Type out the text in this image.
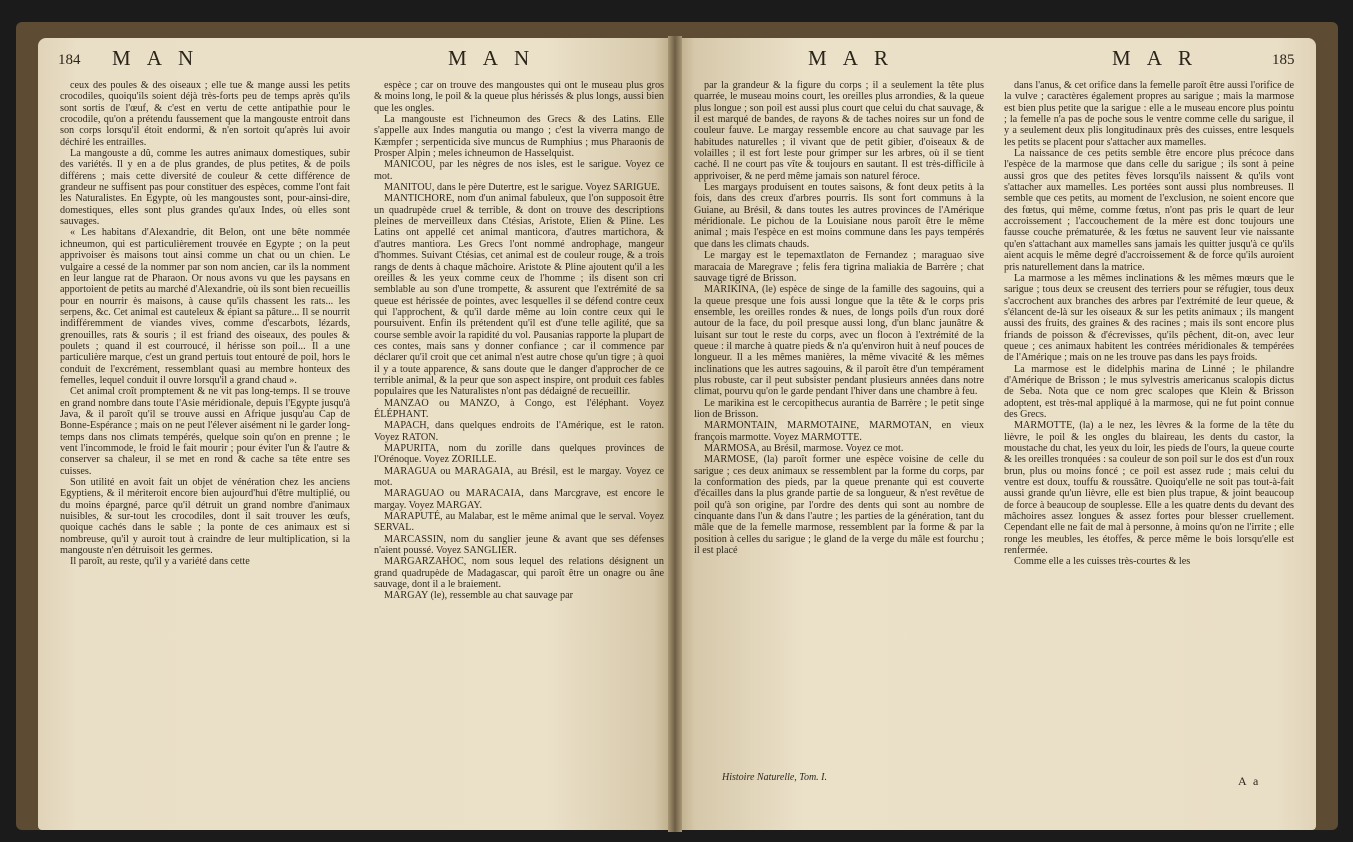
184 M A N	M A N	M A R	M A R	185

ceux des poules & des oiseaux ; elle tue & mange aussi les petits crocodiles, quoiqu'ils soient déjà très-forts peu de temps après qu'ils sont sortis de l'œuf, & c'est en vertu de cette antipathie pour le crocodile, qu'on a prétendu faussement que la mangouste entroit dans son corps lorsqu'il étoit endormi, & n'en sortoit qu'après lui avoir déchiré les entrailles.

La mangouste a dû, comme les autres animaux domestiques, subir des variétés. Il y en a de plus grandes, de plus petites, & de poils différens ; mais cette diversité de couleur & cette différence de grandeur ne suffisent pas pour constituer des espèces, comme l'ont fait les Naturalistes. En Egypte, où les mangoustes sont, pour-ainsi-dire, domestiques, elles sont plus grandes qu'aux Indes, où elles sont sauvages.

« Les habitans d'Alexandrie, dit Belon, ont une bête nommée ichneumon, qui est particulièrement trouvée en Egypte ; on la peut apprivoiser ès maisons tout ainsi comme un chat ou un chien. Le vulgaire a cessé de la nommer par son nom ancien, car ils la nomment en leur langue rat de Pharaon. Or nous avons vu que les paysans en apportoient de petits au marché d'Alexandrie, où ils sont bien recueillis pour en nourrir ès maisons, à cause qu'ils chassent les rats... les serpens, &c. Cet animal est cauteleux & épiant sa pâture... Il se nourrit indifféremment de viandes vives, comme d'escarbots, lézards, grenouilles, rats & souris ; il est friand des oiseaux, des poules & poulets ; quand il est courroucé, il hérisse son poil... Il a une particulière marque, c'est un grand pertuis tout entouré de poil, hors le conduit de l'excrément, ressemblant quasi au membre honteux des femelles, lequel conduit il ouvre lorsqu'il a grand chaud ».

Cet animal croît promptement & ne vit pas long-temps. Il se trouve en grand nombre dans toute l'Asie méridionale, depuis l'Egypte jusqu'à Java, & il paroît qu'il se trouve aussi en Afrique jusqu'au Cap de Bonne-Espérance ; mais on ne peut l'élever aisément ni le garder long-temps dans nos climats tempérés, quelque soin qu'on en prenne ; le vent l'incommode, le froid le fait mourir ; pour éviter l'un & l'autre & conserver sa chaleur, il se met en rond & cache sa tête entre ses cuisses.

Son utilité en avoit fait un objet de vénération chez les anciens Egyptiens, & il mériteroit encore bien aujourd'hui d'être multiplié, ou du moins épargné, parce qu'il détruit un grand nombre d'animaux nuisibles, & sur-tout les crocodiles, dont il sait trouver les œufs, quoique cachés dans le sable ; la ponte de ces animaux est si nombreuse, qu'il y auroit tout à craindre de leur multiplication, si la mangouste n'en détruisoit les germes.

Il paroît, au reste, qu'il y a variété dans cette

espèce ; car on trouve des mangoustes qui ont le museau plus gros & moins long, le poil & la queue plus hérissés & plus longs, aussi bien que les ongles.

La mangouste est l'ichneumon des Grecs & des Latins. Elle s'appelle aux Indes mangutia ou mango ; c'est la viverra mango de Kæmpfer ; serpenticida sive muncus de Rumphius ; mus Pharaonis de Prosper Alpin ; meles ichneumon de Hasselquist.

MANICOU, par les nègres de nos isles, est le sarigue. Voyez ce mot.

MANITOU, dans le père Dutertre, est le sarigue. Voyez SARIGUE.

MANTICHORE, nom d'un animal fabuleux, que l'on supposoit être un quadrupède cruel & terrible, & dont on trouve des descriptions pleines de merveilleux dans Ctésias, Aristote, Elien & Pline. Les Latins ont appellé cet animal manticora, d'autres martichora, & d'autres mantiora. Les Grecs l'ont nommé androphage, mangeur d'hommes. Suivant Ctésias, cet animal est de couleur rouge, & a trois rangs de dents à chaque mâchoire. Aristote & Pline ajoutent qu'il a les oreilles & les yeux comme ceux de l'homme ; ils disent son cri semblable au son d'une trompette, & assurent que l'extrémité de sa queue est hérissée de pointes, avec lesquelles il se défend contre ceux qui l'approchent, & qu'il darde même au loin contre ceux qui le poursuivent. Enfin ils prétendent qu'il est d'une telle agilité, que sa course semble avoir la rapidité du vol. Pausanias rapporte la plupart de ces contes, mais sans y donner confiance ; car il commence par déclarer qu'il croit que cet animal n'est autre chose qu'un tigre ; à quoi il y a toute apparence, & sans doute que le danger d'approcher de ce terrible animal, & la peur que son aspect inspire, ont produit ces fables populaires que les Naturalistes n'ont pas dédaigné de recueillir.

MANZAO ou MANZO, à Congo, est l'éléphant. Voyez ÉLÉPHANT.

MAPACH, dans quelques endroits de l'Amérique, est le raton. Voyez RATON.

MAPURITA, nom du zorille dans quelques provinces de l'Orénoque. Voyez ZORILLE.

MARAGUA ou MARAGAIA, au Brésil, est le margay. Voyez ce mot.

MARAGUAO ou MARACAIA, dans Marcgrave, est encore le margay. Voyez MARGAY.

MARAPUTÉ, au Malabar, est le même animal que le serval. Voyez SERVAL.

MARCASSIN, nom du sanglier jeune & avant que ses défenses n'aient poussé. Voyez SANGLIER.

MARGARZAHOC, nom sous lequel des relations désignent un grand quadrupède de Madagascar, qui paroît être un onagre ou âne sauvage, dont il a le braiement.

MARGAY (le), ressemble au chat sauvage par

par la grandeur & la figure du corps ; il a seulement la tête plus quarrée, le museau moins court, les oreilles plus arrondies, & la queue plus longue ; son poil est aussi plus court que celui du chat sauvage, & il est marqué de bandes, de rayons & de taches noires sur un fond de couleur fauve. Le margay ressemble encore au chat sauvage par les habitudes naturelles ; il vivant que de petit gibier, d'oiseaux & de volailles ; il est fort leste pour grimper sur les arbres, où il se tient caché. Il ne court pas vîte & toujours en sautant. Il est très-difficile à apprivoiser, & ne perd même jamais son naturel féroce.

Les margays produisent en toutes saisons, & font deux petits à la fois, dans des creux d'arbres pourris. Ils sont fort communs à la Guiane, au Brésil, & dans toutes les autres provinces de l'Amérique méridionale. Le pichou de la Louisiane nous paroît être le même animal ; mais l'espèce en est moins commune dans les pays tempérés que dans les climats chauds.

Le margay est le tepemaxtlaton de Fernandez ; maraguao sive maracaia de Maregrave ; felis fera tigrina maliakia de Barrère ; chat sauvage tigré de Brisson.

MARIKINA, (le) espèce de singe de la famille des sagouins, qui a la queue presque une fois aussi longue que la tête & le corps pris ensemble, les oreilles rondes & nues, de longs poils d'un roux doré autour de la face, du poil presque aussi long, d'un blanc jaunâtre & luisant sur tout le reste du corps, avec un flocon à l'extrémité de la queue : il marche à quatre pieds & n'a qu'environ huit à neuf pouces de longueur. Il a les mêmes manières, la même vivacité & les mêmes inclinations que les autres sagouins, & il paroît être d'un tempérament plus robuste, car il peut subsister pendant plusieurs années dans notre climat, pourvu qu'on le garde pendant l'hiver dans une chambre à feu.

Le marikina est le cercopithecus aurantia de Barrère ; le petit singe lion de Brisson.

MARMONTAIN, MARMOTAINE, MARMOTAN, en vieux françois marmotte. Voyez MARMOTTE.

MARMOSA, au Brésil, marmose. Voyez ce mot.

MARMOSE, (la) paroît former une espèce voisine de celle du sarigue ; ces deux animaux se ressemblent par la forme du corps, par la conformation des pieds, par la queue prenante qui est couverte d'écailles dans la plus grande partie de sa longueur, & n'est revêtue de poil qu'à son origine, par l'ordre des dents qui sont au nombre de cinquante dans l'un & dans l'autre ; les parties de la génération, tant du mâle que de la femelle marmose, ressemblent par la forme & par la position à celles du sarigue ; le gland de la verge du mâle est fourchu ; il est placé

dans l'anus, & cet orifice dans la femelle paroît être aussi l'orifice de la vulve ; caractères également propres au sarigue ; mais la marmose est bien plus petite que la sarigue : elle a le museau encore plus pointu ; la femelle n'a pas de poche sous le ventre comme celle du sarigue, il y a seulement deux plis longitudinaux près des cuisses, entre lesquels les petits se placent pour s'attacher aux mamelles.

La naissance de ces petits semble être encore plus précoce dans l'espèce de la marmose que dans celle du sarigue ; ils sont à peine aussi gros que des petites fèves lorsqu'ils naissent & qu'ils vont s'attacher aux mamelles. Les portées sont aussi plus nombreuses. Il semble que ces petits, au moment de l'exclusion, ne soient encore que des fœtus, qui même, comme fœtus, n'ont pas pris le quart de leur accroissement ; l'accouchement de la mère est donc toujours une fausse couche prématurée, & les fœtus ne sauvent leur vie naissante qu'en s'attachant aux mamelles sans jamais les quitter jusqu'à ce qu'ils aient acquis le même degré d'accroissement & de force qu'ils auroient pris naturellement dans la matrice.

La marmose a les mêmes inclinations & les mêmes mœurs que le sarigue ; tous deux se creusent des terriers pour se réfugier, tous deux s'accrochent aux branches des arbres par l'extrémité de leur queue, & s'élancent de-là sur les oiseaux & sur les petits animaux ; ils mangent aussi des fruits, des graines & des racines ; mais ils sont encore plus friands de poisson & d'écrevisses, qu'ils pêchent, dit-on, avec leur queue ; ces animaux habitent les contrées méridionales & tempérées de l'Amérique ; mais on ne les trouve pas dans les pays froids.

La marmose est le didelphis marina de Linné ; le philandre d'Amérique de Brisson ; le mus sylvestris americanus scalopis dictus de Seba. Nota que ce nom grec scalopes que Klein & Brisson adoptent, est très-mal appliqué à la marmose, qui ne fut point connue des Grecs.

MARMOTTE, (la) a le nez, les lèvres & la forme de la tête du lièvre, le poil & les ongles du blaireau, les dents du castor, la moustache du chat, les yeux du loir, les pieds de l'ours, la queue courte & les oreilles tronquées : sa couleur de son poil sur le dos est d'un roux brun, plus ou moins foncé ; ce poil est assez rude ; mais celui du ventre est doux, touffu & roussâtre. Quoiqu'elle ne soit pas tout-à-fait aussi grande qu'un lièvre, elle est bien plus trapue, & joint beaucoup de force à beaucoup de souplesse. Elle a les quatre dents du devant des mâchoires assez longues & assez fortes pour blesser cruellement. Cependant elle ne fait de mal à personne, à moins qu'on ne l'irrite ; elle ronge les meubles, les étoffes, & perce même le bois lorsqu'elle est renfermée.

Comme elle a les cuisses très-courtes & les

Histoire Naturelle, Tom. I.	A a
